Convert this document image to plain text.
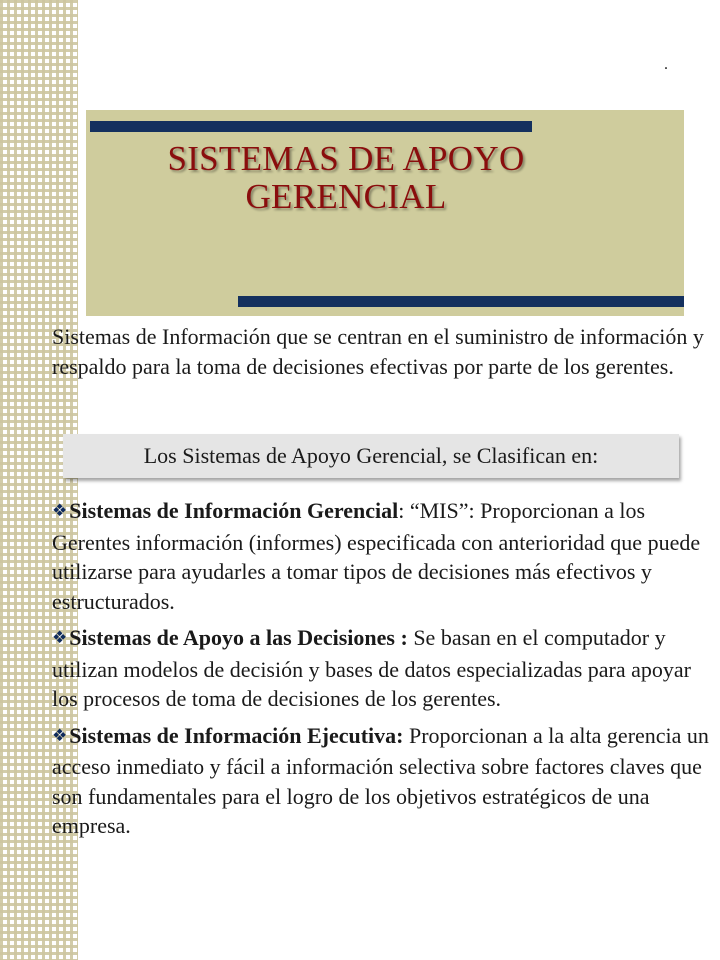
.
SISTEMAS DE APOYO
GERENCIAL
Sistemas de Información que se centran en el suministro de información y respaldo para la toma de decisiones efectivas por parte de los gerentes.
Los Sistemas de Apoyo Gerencial, se Clasifican en:
❖Sistemas de Información Gerencial: “MIS”: Proporcionan a los Gerentes información (informes) especificada con anterioridad que puede utilizarse para ayudarles a tomar tipos de decisiones más efectivos y estructurados.
❖Sistemas de Apoyo a las Decisiones : Se basan en el computador y utilizan modelos de decisión y bases de datos especializadas para apoyar los procesos de toma de decisiones de los gerentes.
❖Sistemas de Información Ejecutiva: Proporcionan a la alta gerencia un acceso inmediato y fácil a información selectiva sobre factores claves que son fundamentales para el logro de los objetivos estratégicos de una empresa.
